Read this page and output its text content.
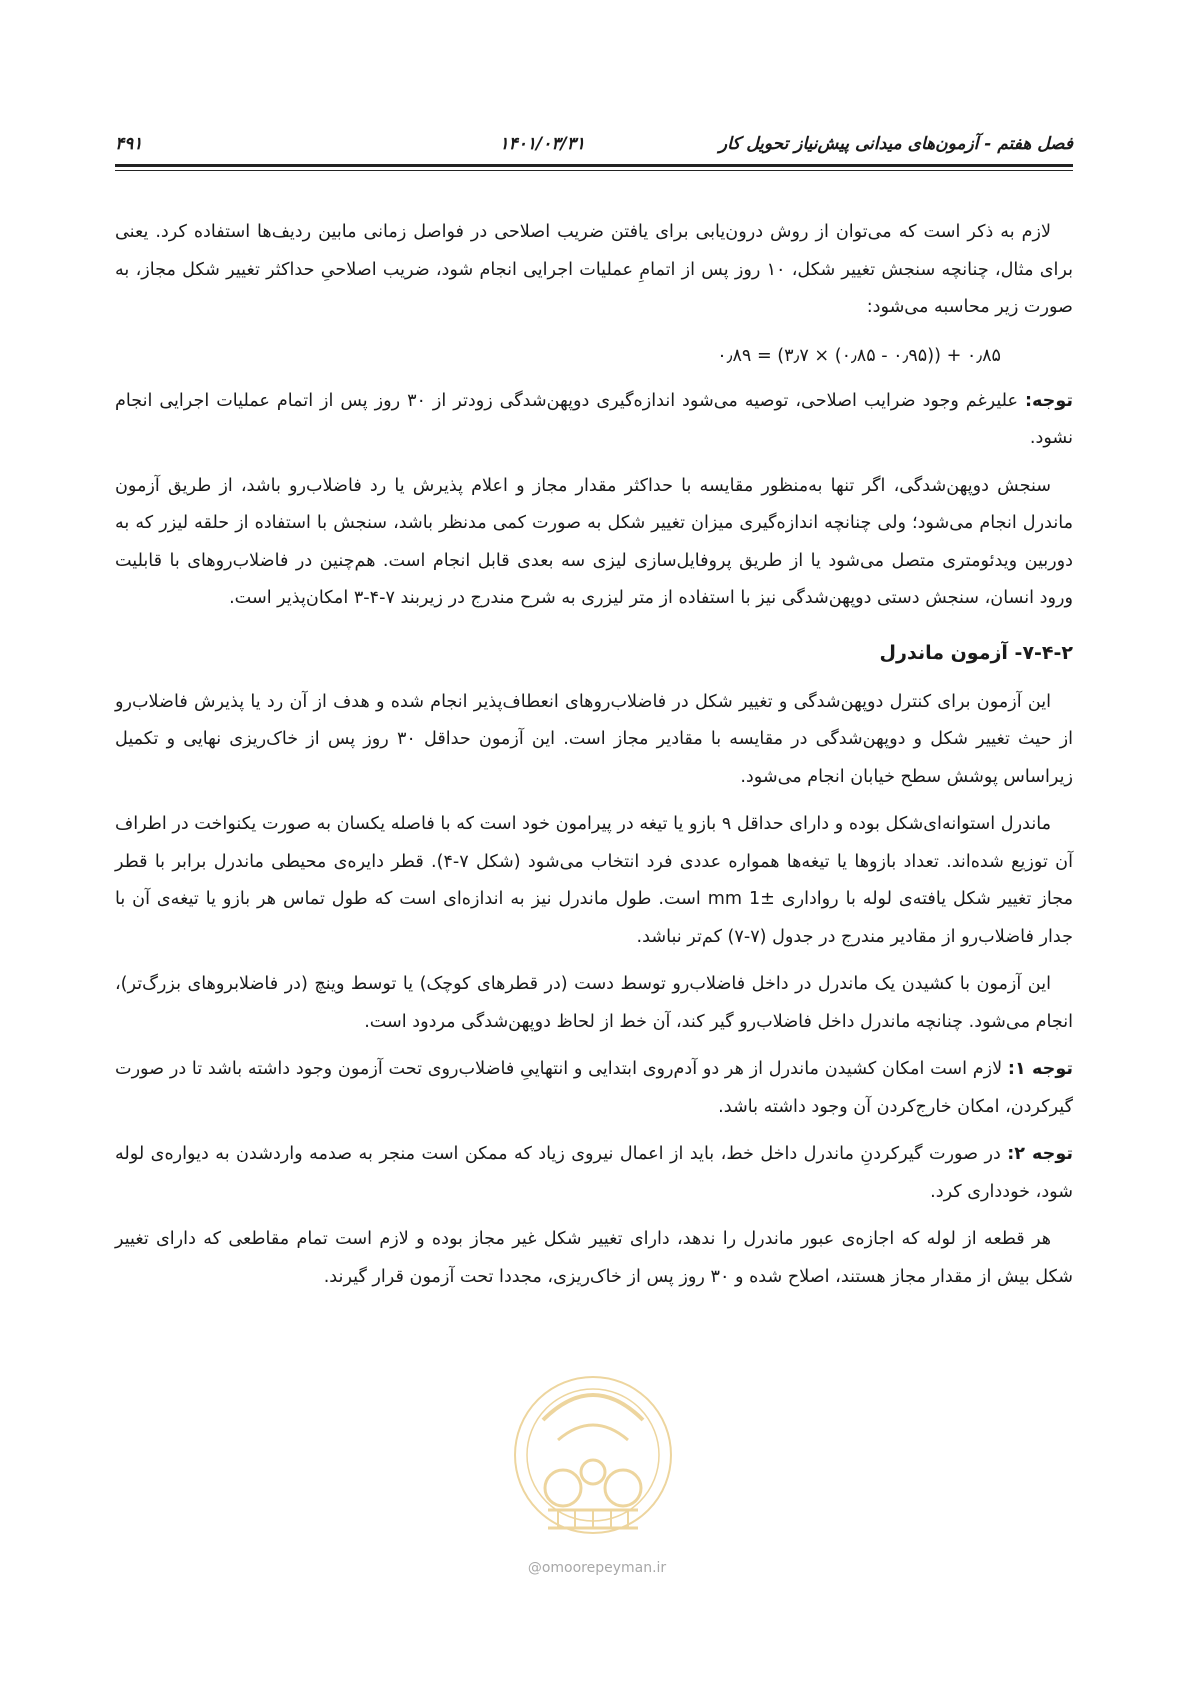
فصل هفتم - آزمون‌های میدانی پیش‌نیاز تحویل کار
۱۴۰۱/۰۳/۳۱
۴۹۱

لازم به ذکر است که می‌توان از روش درون‌یابی برای یافتن ضریب اصلاحی در فواصل زمانی مابین ردیف‌ها استفاده کرد. یعنی برای مثال، چنانچه سنجش تغییر شکل، ۱۰ روز پس از اتمامِ عملیات اجرایی انجام شود، ضریب اصلاحیِ حداکثر تغییر شکل مجاز، به صورت زیر محاسبه می‌شود:

۰٫۸۹ = (۳٫۷ × (۰٫۸۵ - ۰٫۹۵)) + ۰٫۸۵

توجه: علیرغم وجود ضرایب اصلاحی، توصیه می‌شود اندازه‌گیری دوپهن‌شدگی زودتر از ۳۰ روز پس از اتمام عملیات اجرایی انجام نشود.

سنجش دوپهن‌شدگی، اگر تنها به‌منظور مقایسه با حداکثر مقدار مجاز و اعلام پذیرش یا رد فاضلاب‌رو باشد، از طریق آزمون ماندرل انجام می‌شود؛ ولی چنانچه اندازه‌گیری میزان تغییر شکل به صورت کمی مدنظر باشد، سنجش با استفاده از حلقه لیزر که به دوربین ویدئومتری متصل می‌شود یا از طریق پروفایل‌سازی لیزی سه بعدی قابل انجام است. هم‌چنین در فاضلاب‌روهای با قابلیت ورود انسان، سنجش دستی دوپهن‌شدگی نیز با استفاده از متر لیزری به شرح مندرج در زیربند ۷-۴-۳ امکان‌پذیر است.

۷-۴-۲- آزمون ماندرل

این آزمون برای کنترل دوپهن‌شدگی و تغییر شکل در فاضلاب‌روهای انعطاف‌پذیر انجام شده و هدف از آن رد یا پذیرش فاضلاب‌رو از حیث تغییر شکل و دوپهن‌شدگی در مقایسه با مقادیر مجاز است. این آزمون حداقل ۳۰ روز پس از خاک‌ریزی نهایی و تکمیل زیراساس پوشش سطح خیابان انجام می‌شود.

ماندرل استوانه‌ای‌شکل بوده و دارای حداقل ۹ بازو یا تیغه در پیرامون خود است که با فاصله یکسان به صورت یکنواخت در اطراف آن توزیع شده‌اند. تعداد بازوها یا تیغه‌ها همواره عددی فرد انتخاب می‌شود (شکل ۷-۴). قطر دایره‌ی محیطی ماندرل برابر با قطر مجاز تغییر شکل یافته‌ی لوله با رواداری ±1 mm است. طول ماندرل نیز به اندازه‌ای است که طول تماس هر بازو یا تیغه‌ی آن با جدار فاضلاب‌رو از مقادیر مندرج در جدول (۷-۷) کم‌تر نباشد.

این آزمون با کشیدن یک ماندرل در داخل فاضلاب‌رو توسط دست (در قطرهای کوچک) یا توسط وینچ (در فاضلابروهای بزرگ‌تر)، انجام می‌شود. چنانچه ماندرل داخل فاضلاب‌رو گیر کند، آن خط از لحاظ دوپهن‌شدگی مردود است.

توجه ۱: لازم است امکان کشیدن ماندرل از هر دو آدم‌روی ابتدایی و انتهاییِ فاضلاب‌روی تحت آزمون وجود داشته باشد تا در صورت گیرکردن، امکان خارج‌کردن آن وجود داشته باشد.

توجه ۲: در صورت گیرکردنِ ماندرل داخل خط، باید از اعمال نیروی زیاد که ممکن است منجر به صدمه واردشدن به دیواره‌ی لوله شود، خودداری کرد.

هر قطعه از لوله که اجازه‌ی عبور ماندرل را ندهد، دارای تغییر شکل غیر مجاز بوده و لازم است تمام مقاطعی که دارای تغییر شکل بیش از مقدار مجاز هستند، اصلاح شده و ۳۰ روز پس از خاک‌ریزی، مجددا تحت آزمون قرار گیرند.

@omoorepeyman.ir
